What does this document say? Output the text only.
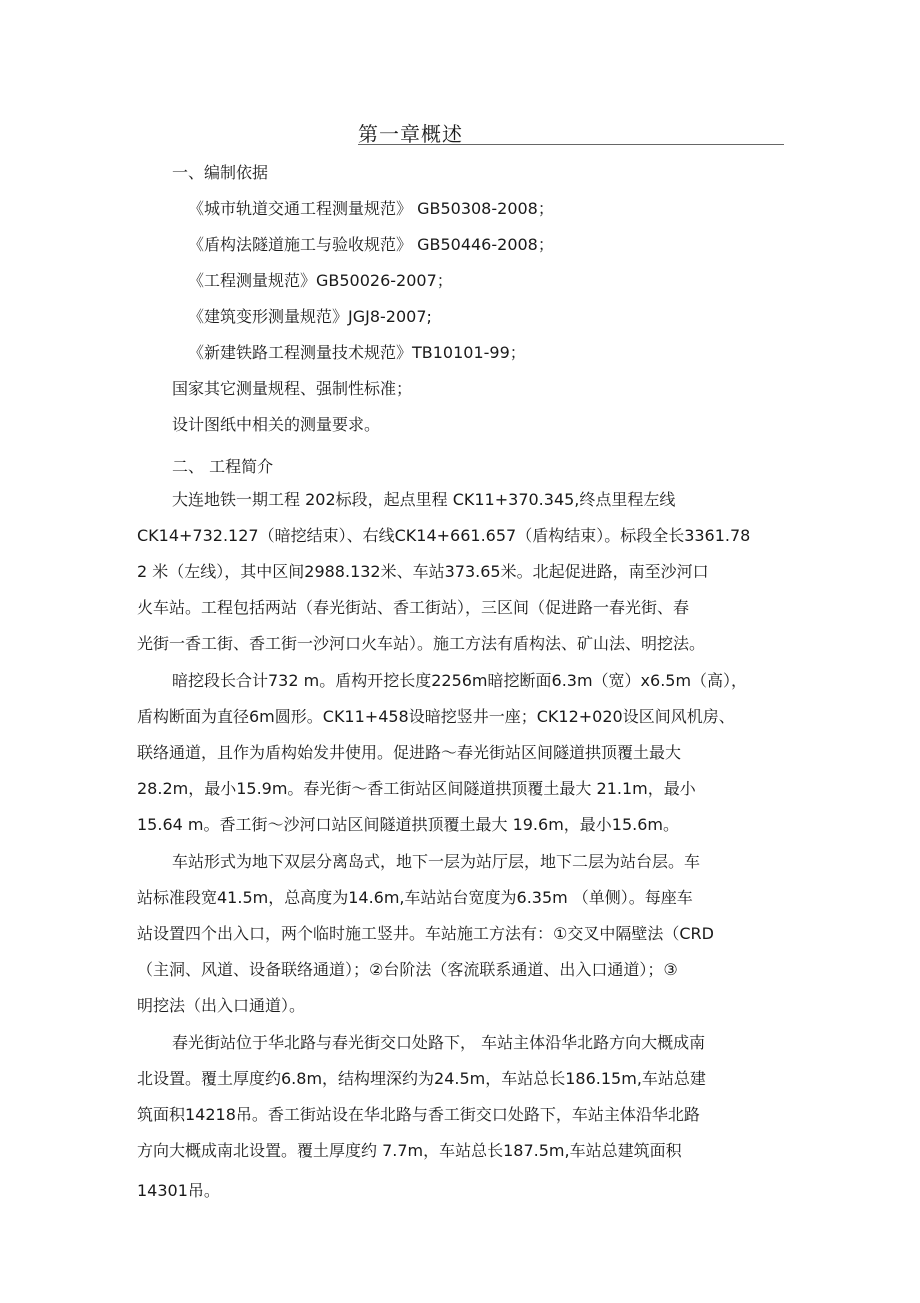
第一章概述

一、编制依据

《城市轨道交通工程测量规范》 GB50308-2008；

《盾构法隧道施工与验收规范》 GB50446-2008；

《工程测量规范》GB50026-2007；

《建筑变形测量规范》JGJ8-2007;

《新建铁路工程测量技术规范》TB10101-99；

国家其它测量规程、强制性标准；

设计图纸中相关的测量要求。

二、 工程简介

大连地铁一期工程 202标段，起点里程 CK11+370.345,终点里程左线

CK14+732.127（暗挖结束）、右线CK14+661.657（盾构结束）。标段全长3361.78

2 米（左线），其中区间2988.132米、车站373.65米。北起促进路，南至沙河口

火车站。工程包括两站（春光街站、香工街站），三区间（促进路一春光街、春

光街一香工街、香工街一沙河口火车站）。施工方法有盾构法、矿山法、明挖法。

暗挖段长合计732 m。盾构开挖长度2256m暗挖断面6.3m（宽）x6.5m（高），

盾构断面为直径6m圆形。CK11+458设暗挖竖井一座；CK12+020设区间风机房、

联络通道，且作为盾构始发井使用。促进路～春光街站区间隧道拱顶覆土最大

28.2m，最小15.9m。春光街～香工街站区间隧道拱顶覆土最大 21.1m，最小

15.64 m。香工街～沙河口站区间隧道拱顶覆土最大 19.6m，最小15.6m。

车站形式为地下双层分离岛式，地下一层为站厅层，地下二层为站台层。车

站标准段宽41.5m，总高度为14.6m,车站站台宽度为6.35m （单侧）。每座车

站设置四个出入口，两个临时施工竖井。车站施工方法有：①交叉中隔壁法（CRD

（主洞、风道、设备联络通道）；②台阶法（客流联系通道、出入口通道）；③

明挖法（出入口通道）。

春光街站位于华北路与春光街交口处路下， 车站主体沿华北路方向大概成南

北设置。覆土厚度约6.8m，结构埋深约为24.5m，车站总长186.15m,车站总建

筑面积14218吊。香工街站设在华北路与香工街交口处路下，车站主体沿华北路

方向大概成南北设置。覆土厚度约 7.7m，车站总长187.5m,车站总建筑面积

14301吊。
